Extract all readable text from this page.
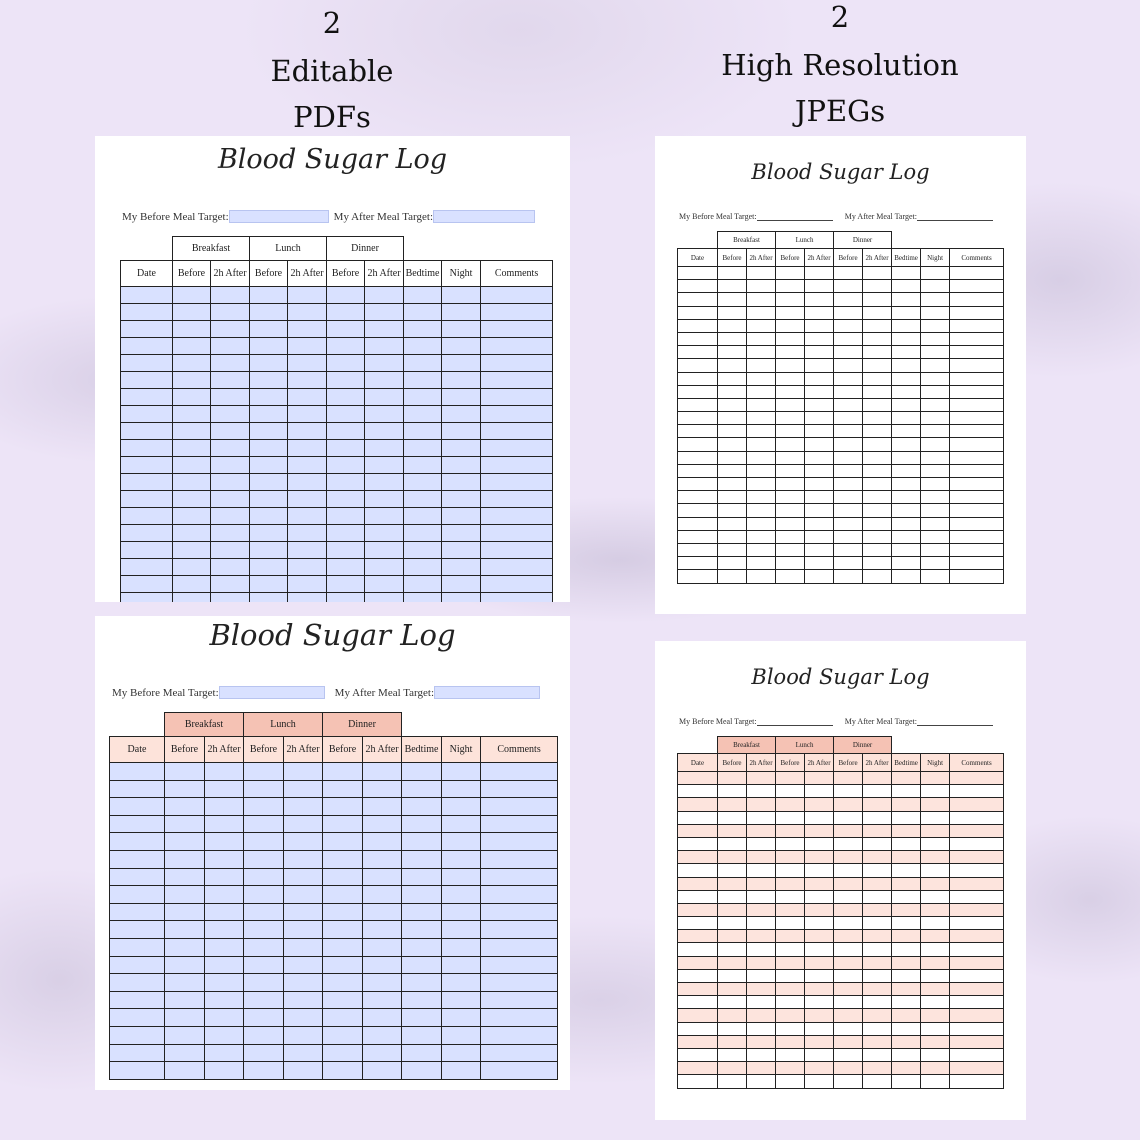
2
Editable
PDFs
2
High Resolution
JPEGs
Blood Sugar Log
My Before Meal Target:	My After Meal Target:
	Breakfast		Lunch		Dinner				
Date	Before	2h After	Before	2h After	Before	2h After	Bedtime	Night	Comments

Blood Sugar Log
My Before Meal Target:	My After Meal Target:
	Breakfast		Lunch		Dinner				
Date	Before	2h After	Before	2h After	Before	2h After	Bedtime	Night	Comments

Blood Sugar Log
My Before Meal Target:	My After Meal Target:
	Breakfast		Lunch		Dinner				
Date	Before	2h After	Before	2h After	Before	2h After	Bedtime	Night	Comments

Blood Sugar Log
My Before Meal Target:	My After Meal Target:
	Breakfast		Lunch		Dinner				
Date	Before	2h After	Before	2h After	Before	2h After	Bedtime	Night	Comments
